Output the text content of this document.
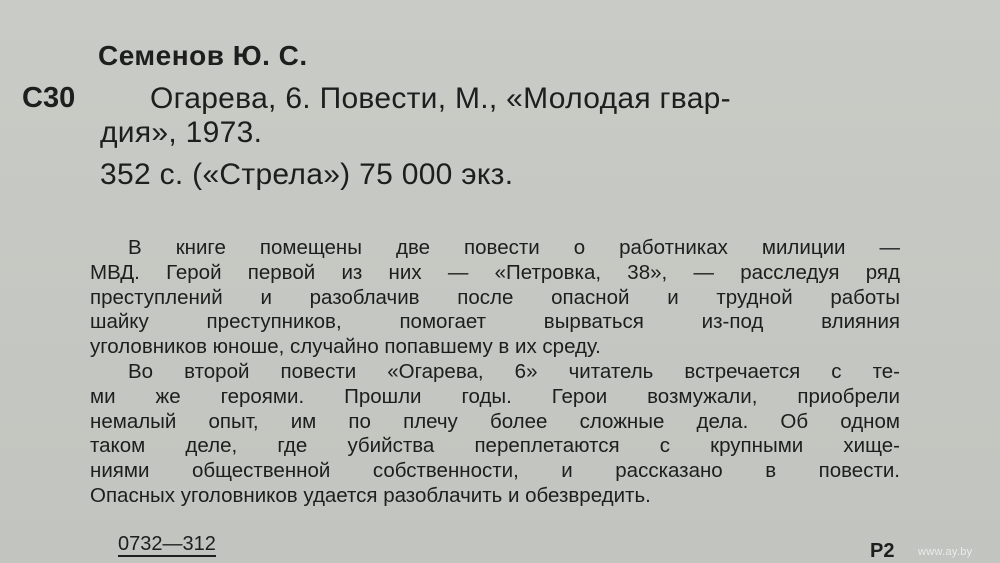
Семенов Ю. С.
С30 Огарева, 6. Повести, М., «Молодая гвар-
дия», 1973.
352 с. («Стрела») 75 000 экз.
В книге помещены две повести о работниках милиции —
МВД. Герой первой из них — «Петровка, 38», — расследуя ряд
преступлений и разоблачив после опасной и трудной работы
шайку преступников, помогает вырваться из-под влияния
уголовников юноше, случайно попавшему в их среду.
Во второй повести «Огарева, 6» читатель встречается с те-
ми же героями. Прошли годы. Герои возмужали, приобрели
немалый опыт, им по плечу более сложные дела. Об одном
таком деле, где убийства переплетаются с крупными хище-
ниями общественной собственности, и рассказано в повести.
Опасных уголовников удается разоблачить и обезвредить.
0732—312	Р2 www.ay.by
